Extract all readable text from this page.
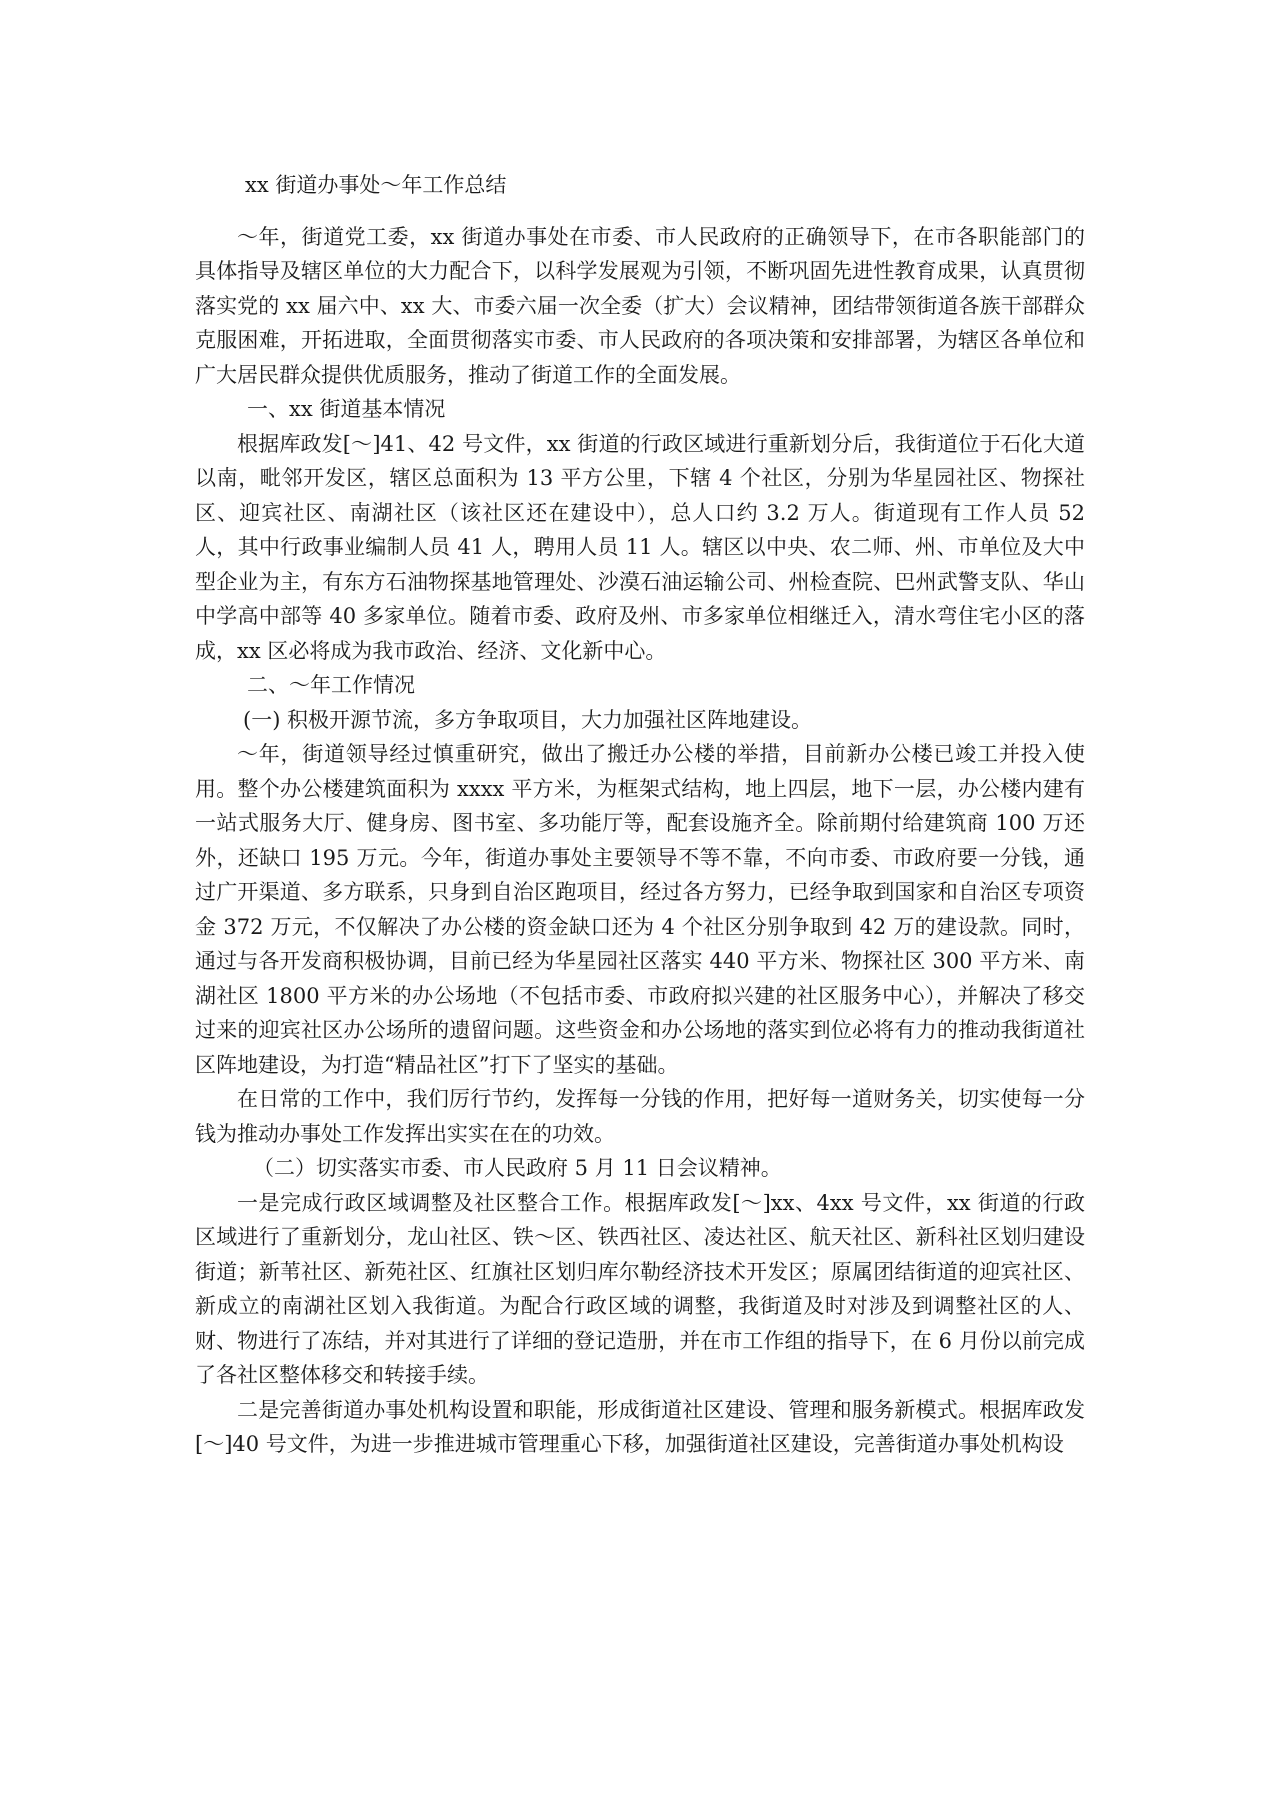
xx 街道办事处～年工作总结

～年，街道党工委，xx 街道办事处在市委、市人民政府的正确领导下，在市各职能部门的具体指导及辖区单位的大力配合下，以科学发展观为引领，不断巩固先进性教育成果，认真贯彻落实党的 xx 届六中、xx 大、市委六届一次全委（扩大）会议精神，团结带领街道各族干部群众克服困难，开拓进取，全面贯彻落实市委、市人民政府的各项决策和安排部署，为辖区各单位和广大居民群众提供优质服务，推动了街道工作的全面发展。

一、xx 街道基本情况

根据库政发[～]41、42 号文件，xx 街道的行政区域进行重新划分后，我街道位于石化大道以南，毗邻开发区，辖区总面积为 13 平方公里，下辖 4 个社区，分别为华星园社区、物探社区、迎宾社区、南湖社区（该社区还在建设中），总人口约 3.2 万人。街道现有工作人员 52 人，其中行政事业编制人员 41 人，聘用人员 11 人。辖区以中央、农二师、州、市单位及大中型企业为主，有东方石油物探基地管理处、沙漠石油运输公司、州检查院、巴州武警支队、华山中学高中部等 40 多家单位。随着市委、政府及州、市多家单位相继迁入，清水弯住宅小区的落成，xx 区必将成为我市政治、经济、文化新中心。

二、～年工作情况

(一) 积极开源节流，多方争取项目，大力加强社区阵地建设。

～年，街道领导经过慎重研究，做出了搬迁办公楼的举措，目前新办公楼已竣工并投入使用。整个办公楼建筑面积为 xxxx 平方米，为框架式结构，地上四层，地下一层，办公楼内建有一站式服务大厅、健身房、图书室、多功能厅等，配套设施齐全。除前期付给建筑商 100 万还外，还缺口 195 万元。今年，街道办事处主要领导不等不靠，不向市委、市政府要一分钱，通过广开渠道、多方联系，只身到自治区跑项目，经过各方努力，已经争取到国家和自治区专项资金 372 万元，不仅解决了办公楼的资金缺口还为 4 个社区分别争取到 42 万的建设款。同时，通过与各开发商积极协调，目前已经为华星园社区落实 440 平方米、物探社区 300 平方米、南湖社区 1800 平方米的办公场地（不包括市委、市政府拟兴建的社区服务中心），并解决了移交过来的迎宾社区办公场所的遗留问题。这些资金和办公场地的落实到位必将有力的推动我街道社区阵地建设，为打造“精品社区”打下了坚实的基础。

在日常的工作中，我们厉行节约，发挥每一分钱的作用，把好每一道财务关，切实使每一分钱为推动办事处工作发挥出实实在在的功效。

（二）切实落实市委、市人民政府 5 月 11 日会议精神。

一是完成行政区域调整及社区整合工作。根据库政发[～]xx、4xx 号文件，xx 街道的行政区域进行了重新划分，龙山社区、铁～区、铁西社区、凌达社区、航天社区、新科社区划归建设街道；新苇社区、新苑社区、红旗社区划归库尔勒经济技术开发区；原属团结街道的迎宾社区、新成立的南湖社区划入我街道。为配合行政区域的调整，我街道及时对涉及到调整社区的人、财、物进行了冻结，并对其进行了详细的登记造册，并在市工作组的指导下，在 6 月份以前完成了各社区整体移交和转接手续。

二是完善街道办事处机构设置和职能，形成街道社区建设、管理和服务新模式。根据库政发[～]40 号文件，为进一步推进城市管理重心下移，加强街道社区建设，完善街道办事处机构设
